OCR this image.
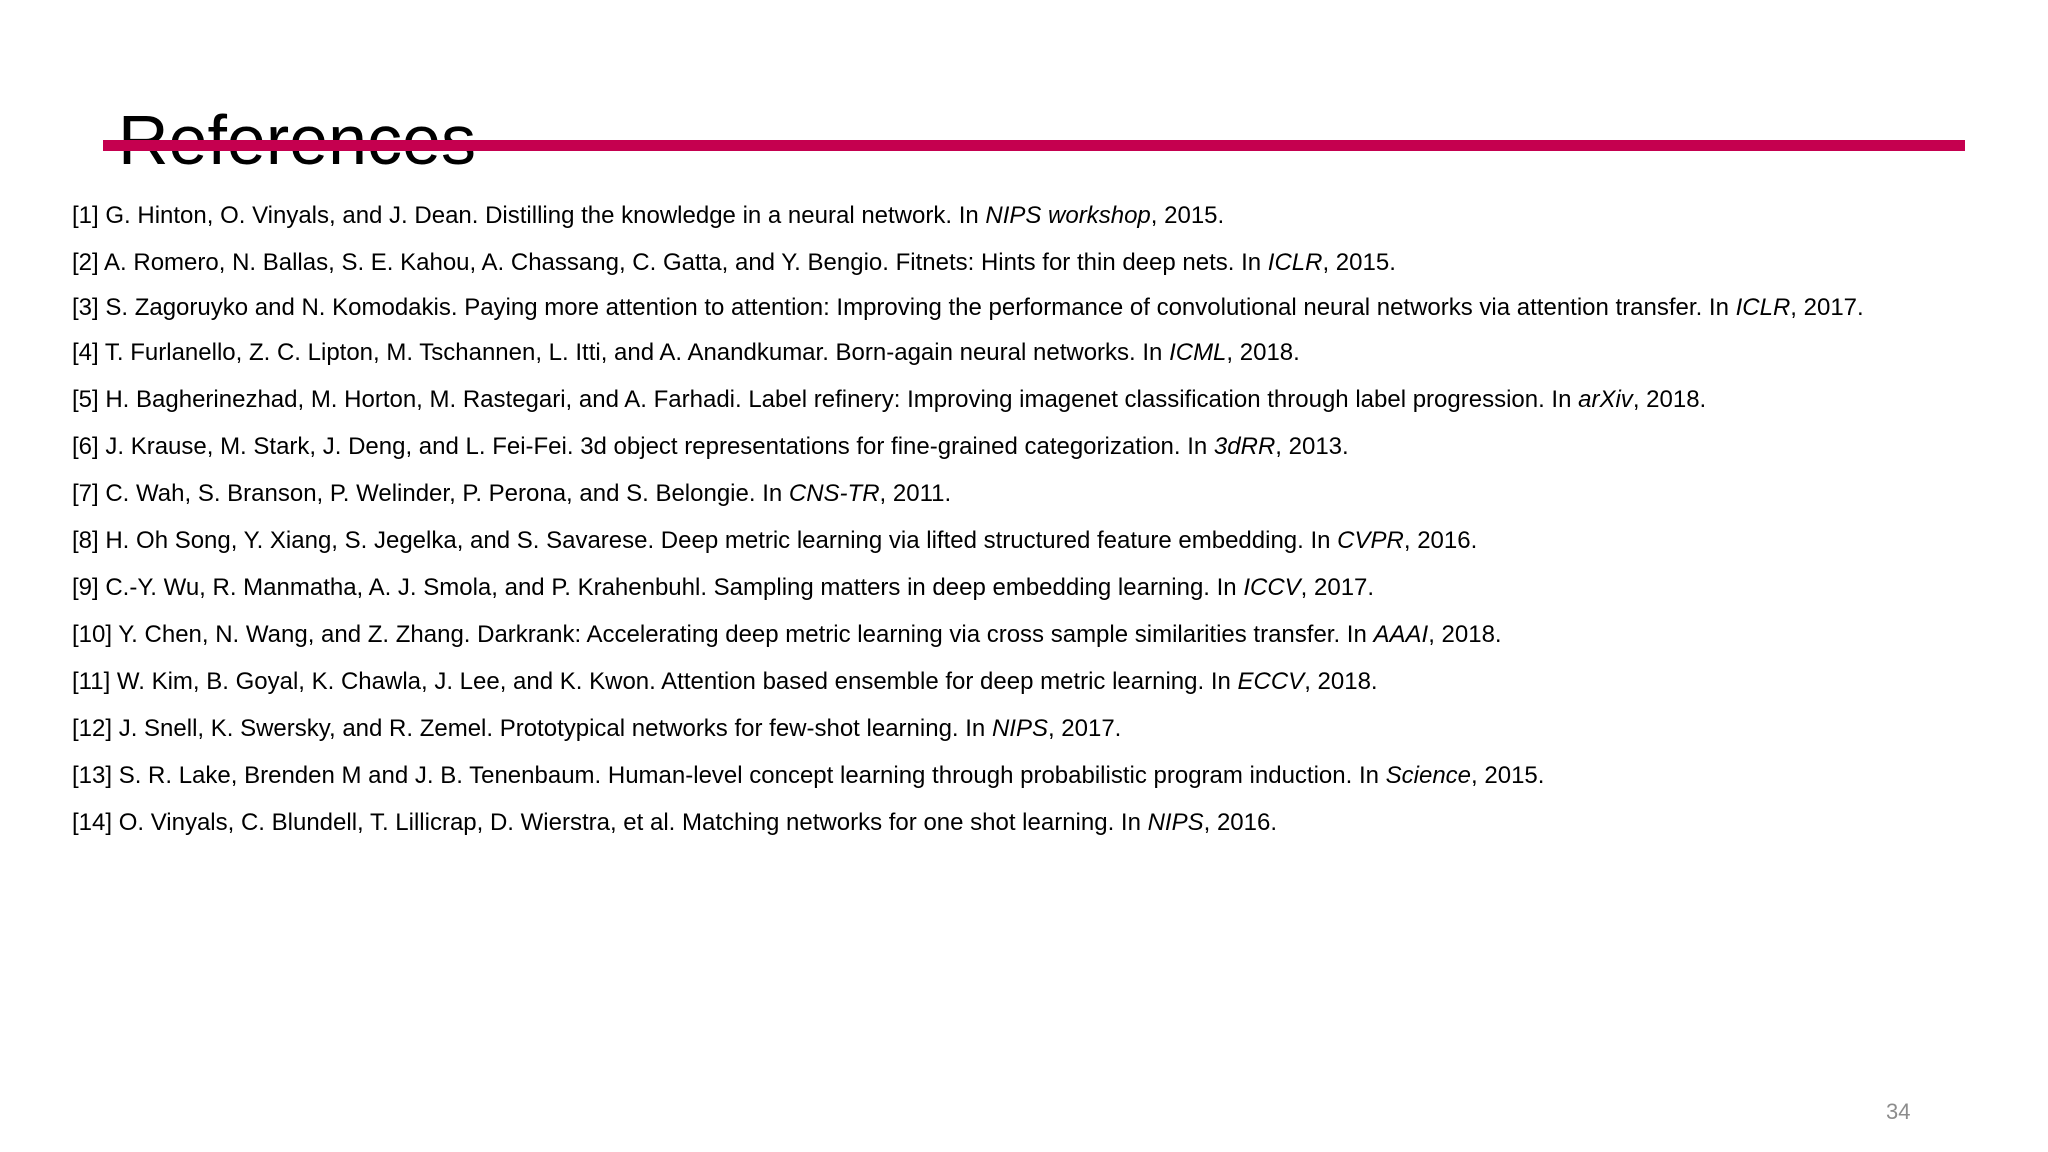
[1] G. Hinton, O. Vinyals, and J. Dean. Distilling the knowledge in a neural network. In NIPS workshop, 2015.
[2] A. Romero, N. Ballas, S. E. Kahou, A. Chassang, C. Gatta, and Y. Bengio. Fitnets: Hints for thin deep nets. In ICLR, 2015.
[3] S. Zagoruyko and N. Komodakis. Paying more attention to attention: Improving the performance of convolutional neural networks via attention transfer. In ICLR, 2017.
[4] T. Furlanello, Z. C. Lipton, M. Tschannen, L. Itti, and A. Anandkumar. Born-again neural networks. In ICML, 2018.
[5] H. Bagherinezhad, M. Horton, M. Rastegari, and A. Farhadi. Label refinery: Improving imagenet classification through label progression. In arXiv, 2018.
[6] J. Krause, M. Stark, J. Deng, and L. Fei-Fei. 3d object representations for fine-grained categorization. In 3dRR, 2013.
[7] C. Wah, S. Branson, P. Welinder, P. Perona, and S. Belongie. In CNS-TR, 2011.
[8] H. Oh Song, Y. Xiang, S. Jegelka, and S. Savarese. Deep metric learning via lifted structured feature embedding. In CVPR, 2016.
[9] C.-Y. Wu, R. Manmatha, A. J. Smola, and P. Krahenbuhl. Sampling matters in deep embedding learning. In ICCV, 2017.
[10] Y. Chen, N. Wang, and Z. Zhang. Darkrank: Accelerating deep metric learning via cross sample similarities transfer. In AAAI, 2018.
[11] W. Kim, B. Goyal, K. Chawla, J. Lee, and K. Kwon. Attention based ensemble for deep metric learning. In ECCV, 2018.
[12] J. Snell, K. Swersky, and R. Zemel. Prototypical networks for few-shot learning. In NIPS, 2017.
[13] S. R. Lake, Brenden M and J. B. Tenenbaum. Human-level concept learning through probabilistic program induction. In Science, 2015.
[14] O. Vinyals, C. Blundell, T. Lillicrap, D. Wierstra, et al. Matching networks for one shot learning. In NIPS, 2016.
34
